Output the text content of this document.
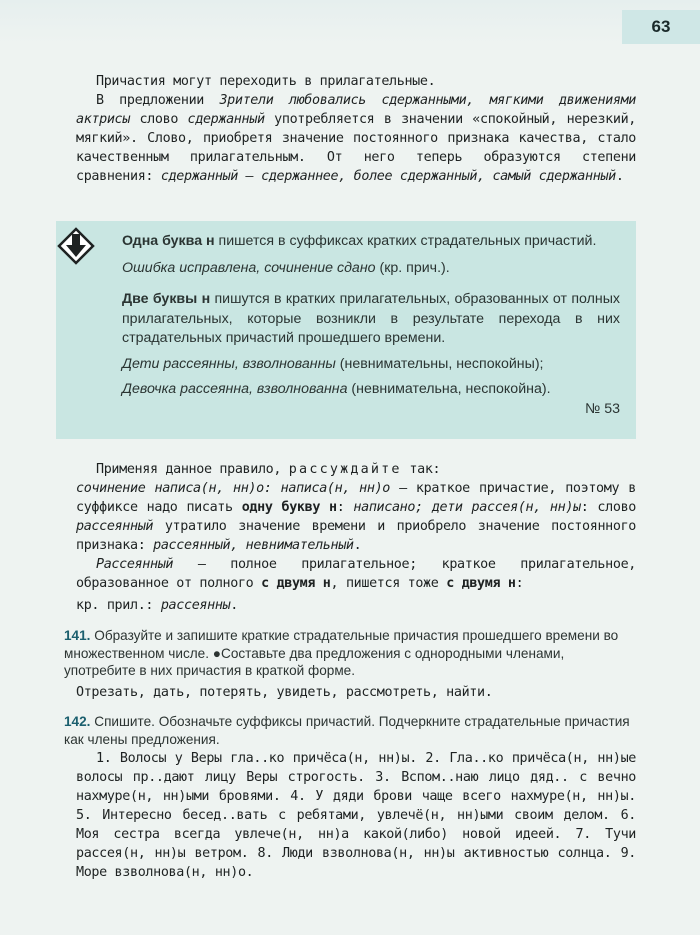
63

Причастия могут переходить в прилагательные.

В предложении Зрители любовались сдержанными, мягкими движениями актрисы слово сдержанный употребляется в значении «спокойный, нерезкий, мягкий». Слово, приобретя значение постоянного признака качества, стало качественным прилагательным. От него теперь образуются степени сравнения: сдержанный — сдержаннее, более сдержанный, самый сдержанный.

Одна буква н пишется в суффиксах кратких страдательных причастий.

Ошибка исправлена, сочинение сдано (кр. прич.).

Две буквы н пишутся в кратких прилагательных, образованных от полных прилагательных, которые возникли в результате перехода в них страдательных причастий прошедшего времени.

Дети рассеянны, взволнованны (невнимательны, неспокойны);

Девочка рассеянна, взволнованна (невнимательна, неспокойна).

№ 53

Применяя данное правило, рассуждайте так:

сочинение написа(н, нн)о: написа(н, нн)о — краткое причастие, поэтому в суффиксе надо писать одну букву н: написано; дети рассея(н, нн)ы: слово рассеянный утратило значение времени и приобрело значение постоянного признака: рассеянный, невнимательный.

Рассеянный — полное прилагательное; краткое прилагательное, образованное от полного с двумя н, пишется тоже с двумя н:

кр. прил.: рассеянны.

141. Образуйте и запишите краткие страдательные причастия прошедшего времени во множественном числе. ●Составьте два предложения с однородными членами, употребите в них причастия в краткой форме.

Отрезать, дать, потерять, увидеть, рассмотреть, найти.

142. Спишите. Обозначьте суффиксы причастий. Подчеркните страдательные причастия как члены предложения.

1. Волосы у Веры гла..ко причёса(н, нн)ы. 2. Гла..ко причёса(н, нн)ые волосы пр..дают лицу Веры строгость. 3. Вспом..наю лицо дяд.. с вечно нахмуре(н, нн)ыми бровями. 4. У дяди брови чаще всего нахмуре(н, нн)ы. 5. Интересно бесед..вать с ребятами, увлечё(н, нн)ыми своим делом. 6. Моя сестра всегда увлече(н, нн)а какой(либо) новой идеей. 7. Тучи рассея(н, нн)ы ветром. 8. Люди взволнова(н, нн)ы активностью солнца. 9. Море взволнова(н, нн)о.
